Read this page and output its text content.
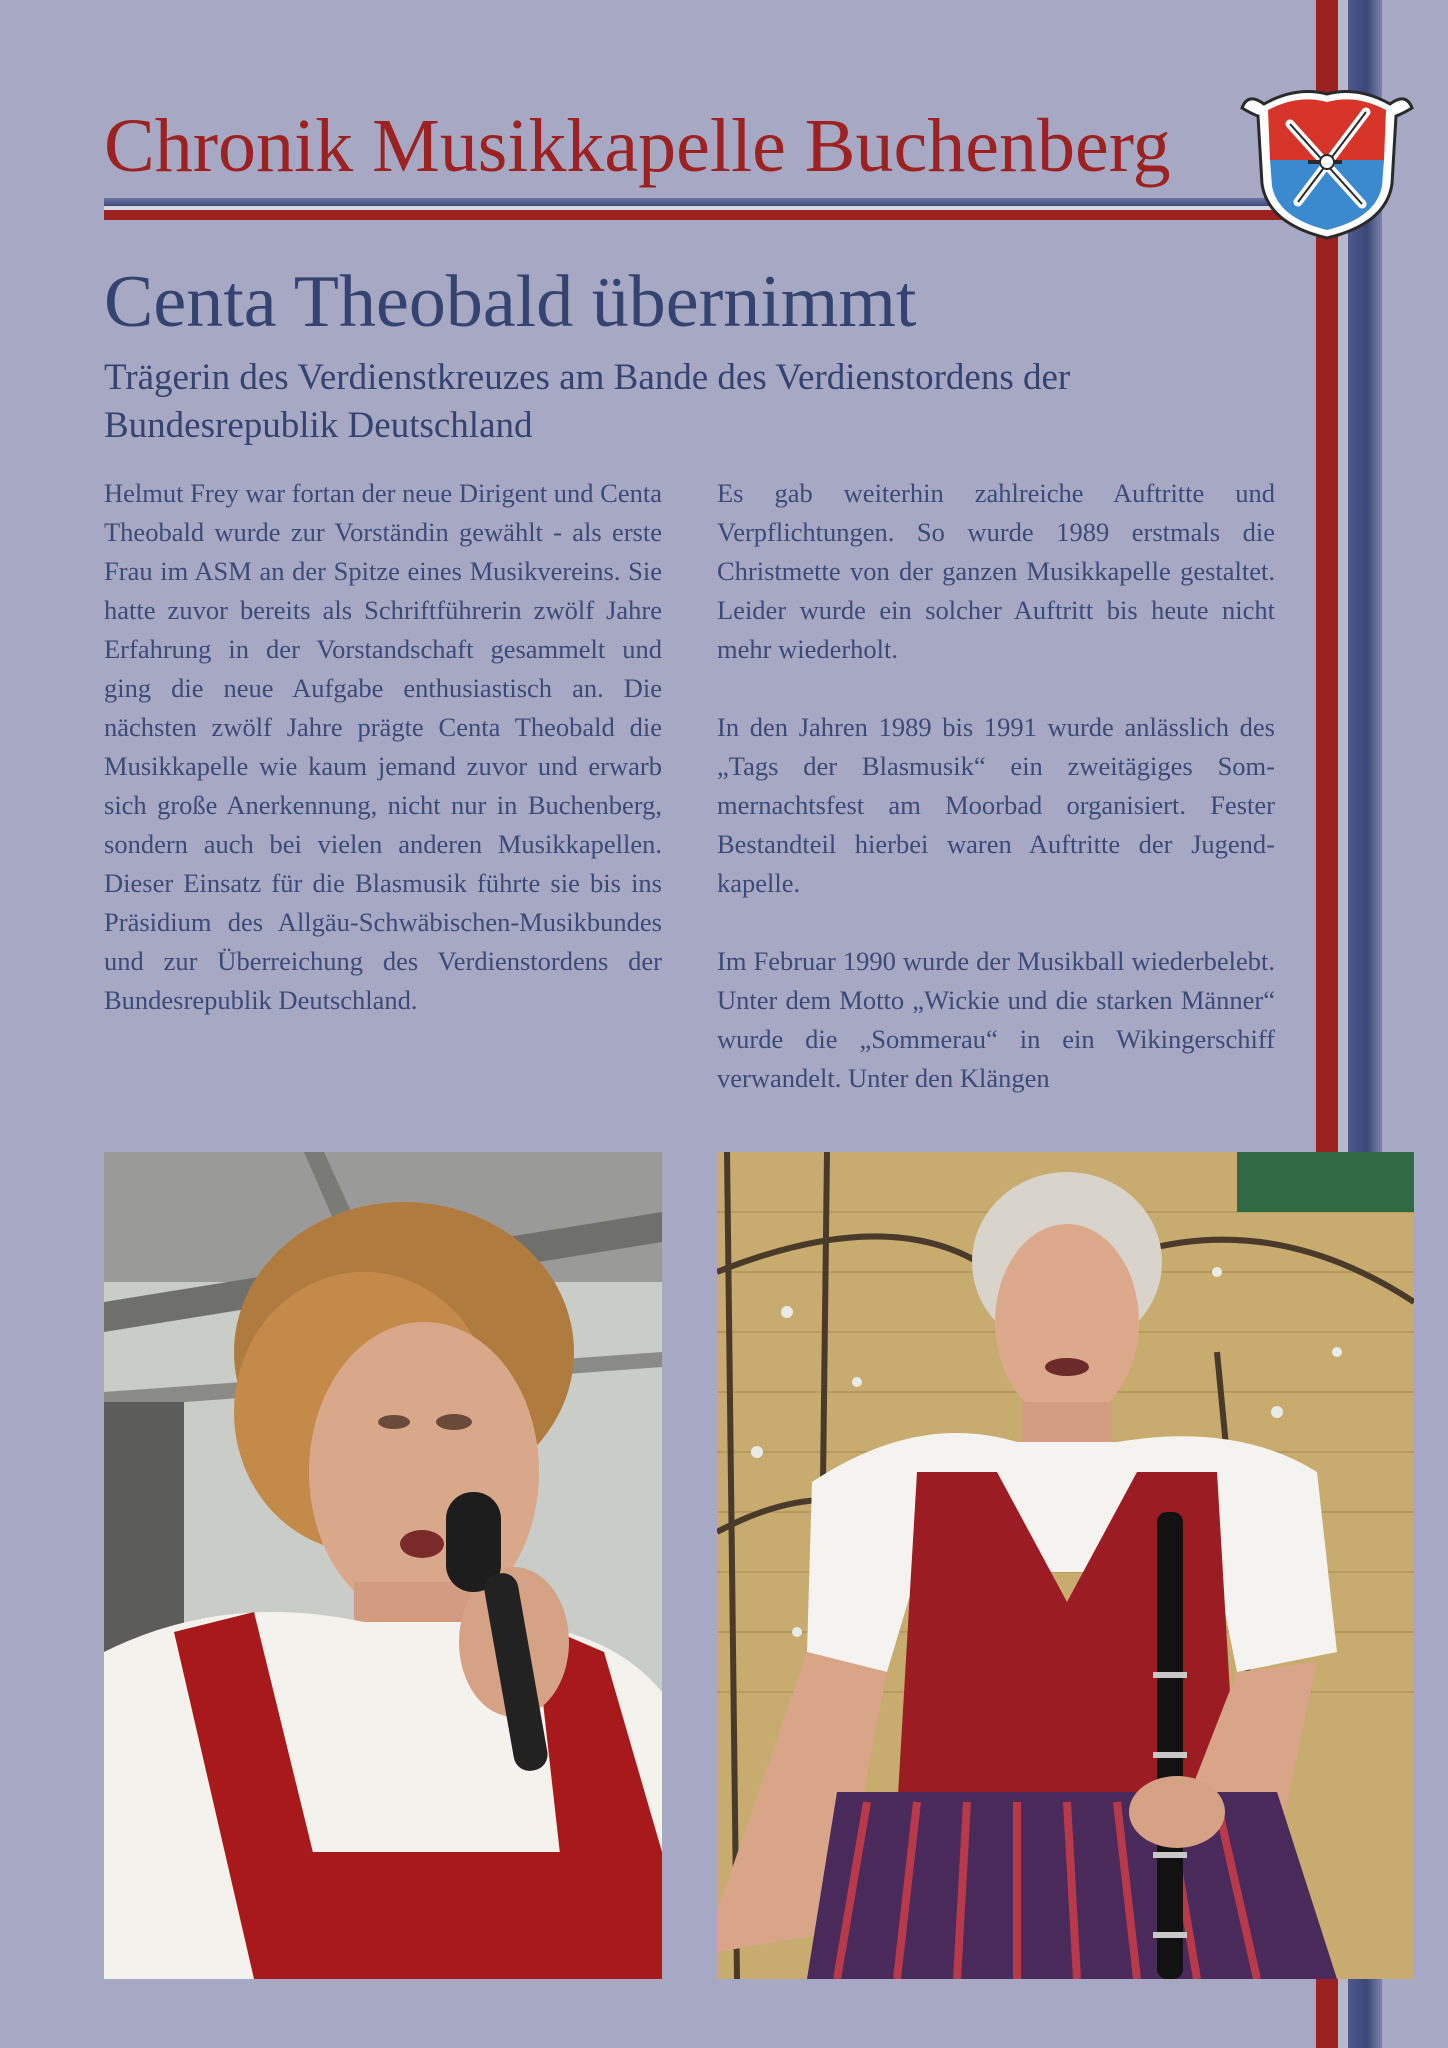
Chronik Musikkapelle Buchenberg
Centa Theobald übernimmt
Trägerin des Verdienstkreuzes am Bande des Verdienstordens der Bundesrepublik Deutschland

Helmut Frey war fortan der neue Dirigent und Centa Theobald wurde zur Vorständin gewählt - als erste Frau im ASM an der Spitze eines Musikvereins. Sie hatte zuvor bereits als Schriftführerin zwölf Jahre Erfahrung in der Vorstandschaft gesammelt und ging die neue Aufgabe enthusiastisch an. Die nächsten zwölf Jahre prägte Centa Theobald die Musikkapelle wie kaum jemand zuvor und erwarb sich große Anerkennung, nicht nur in Buchenberg, sondern auch bei vielen anderen Musikkapellen. Dieser Einsatz für die Blasmusik führte sie bis ins Präsidium des Allgäu-Schwäbischen-Musikbundes und zur Überreichung des Verdienstordens der Bundesrepublik Deutschland.

Es gab weiterhin zahlreiche Auftritte und Verpflichtungen. So wurde 1989 erstmals die Christmette von der ganzen Musikkapelle gestaltet. Leider wurde ein solcher Auftritt bis heute nicht mehr wiederholt.

In den Jahren 1989 bis 1991 wurde anlässlich des „Tags der Blasmusik“ ein zweitägiges Sommernachtsfest am Moorbad organisiert. Fester Bestandteil hierbei waren Auftritte der Jugendkapelle.

Im Februar 1990 wurde der Musikball wiederbelebt. Unter dem Motto „Wickie und die starken Männer“ wurde die „Sommerau“ in ein Wikingerschiff verwandelt. Unter den Klängen
